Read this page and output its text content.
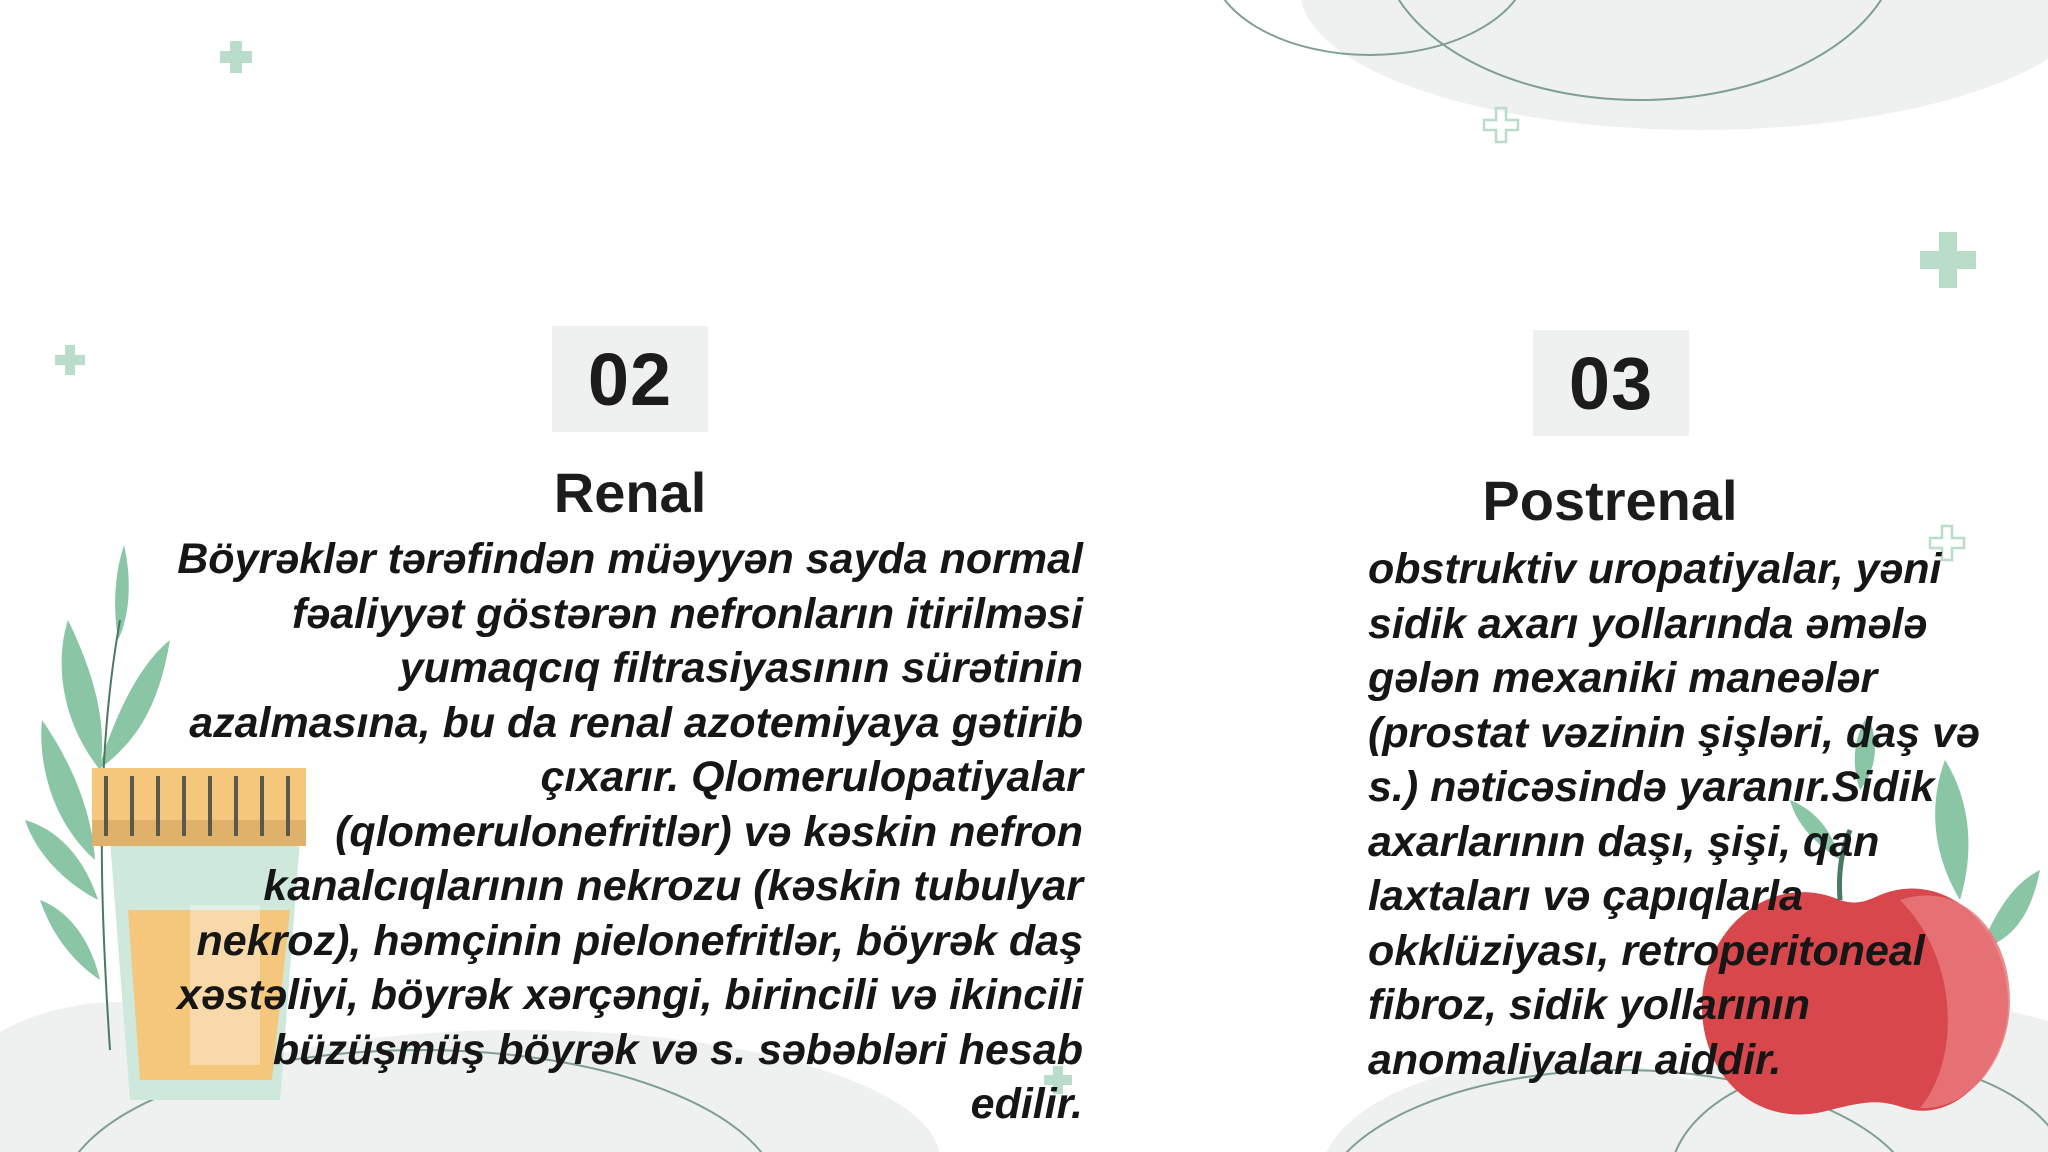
02
Renal

Böyrəklər tərəfindən müəyyən sayda normal
fəaliyyət göstərən nefronların itirilməsi
yumaqcıq filtrasiyasının sürətinin
azalmasına, bu da renal azotemiyaya gətirib
çıxarır. Qlomerulopatiyalar
(qlomerulonefritlər) və kəskin nefron
kanalcıqlarının nekrozu (kəskin tubulyar
nekroz), həmçinin pielonefritlər, böyrək daş
xəstəliyi, böyrək xərçəngi, birincili və ikincili
büzüşmüş böyrək və s. səbəbləri hesab
edilir.

03
Postrenal

obstruktiv uropatiyalar, yəni
sidik axarı yollarında əmələ
gələn mexaniki maneələr
(prostat vəzinin şişləri, daş və
s.) nəticəsində yaranır.Sidik
axarlarının daşı, şişi, qan
laxtaları və çapıqlarla
okklüziyası, retroperitoneal
fibroz, sidik yollarının
anomaliyaları aiddir.
